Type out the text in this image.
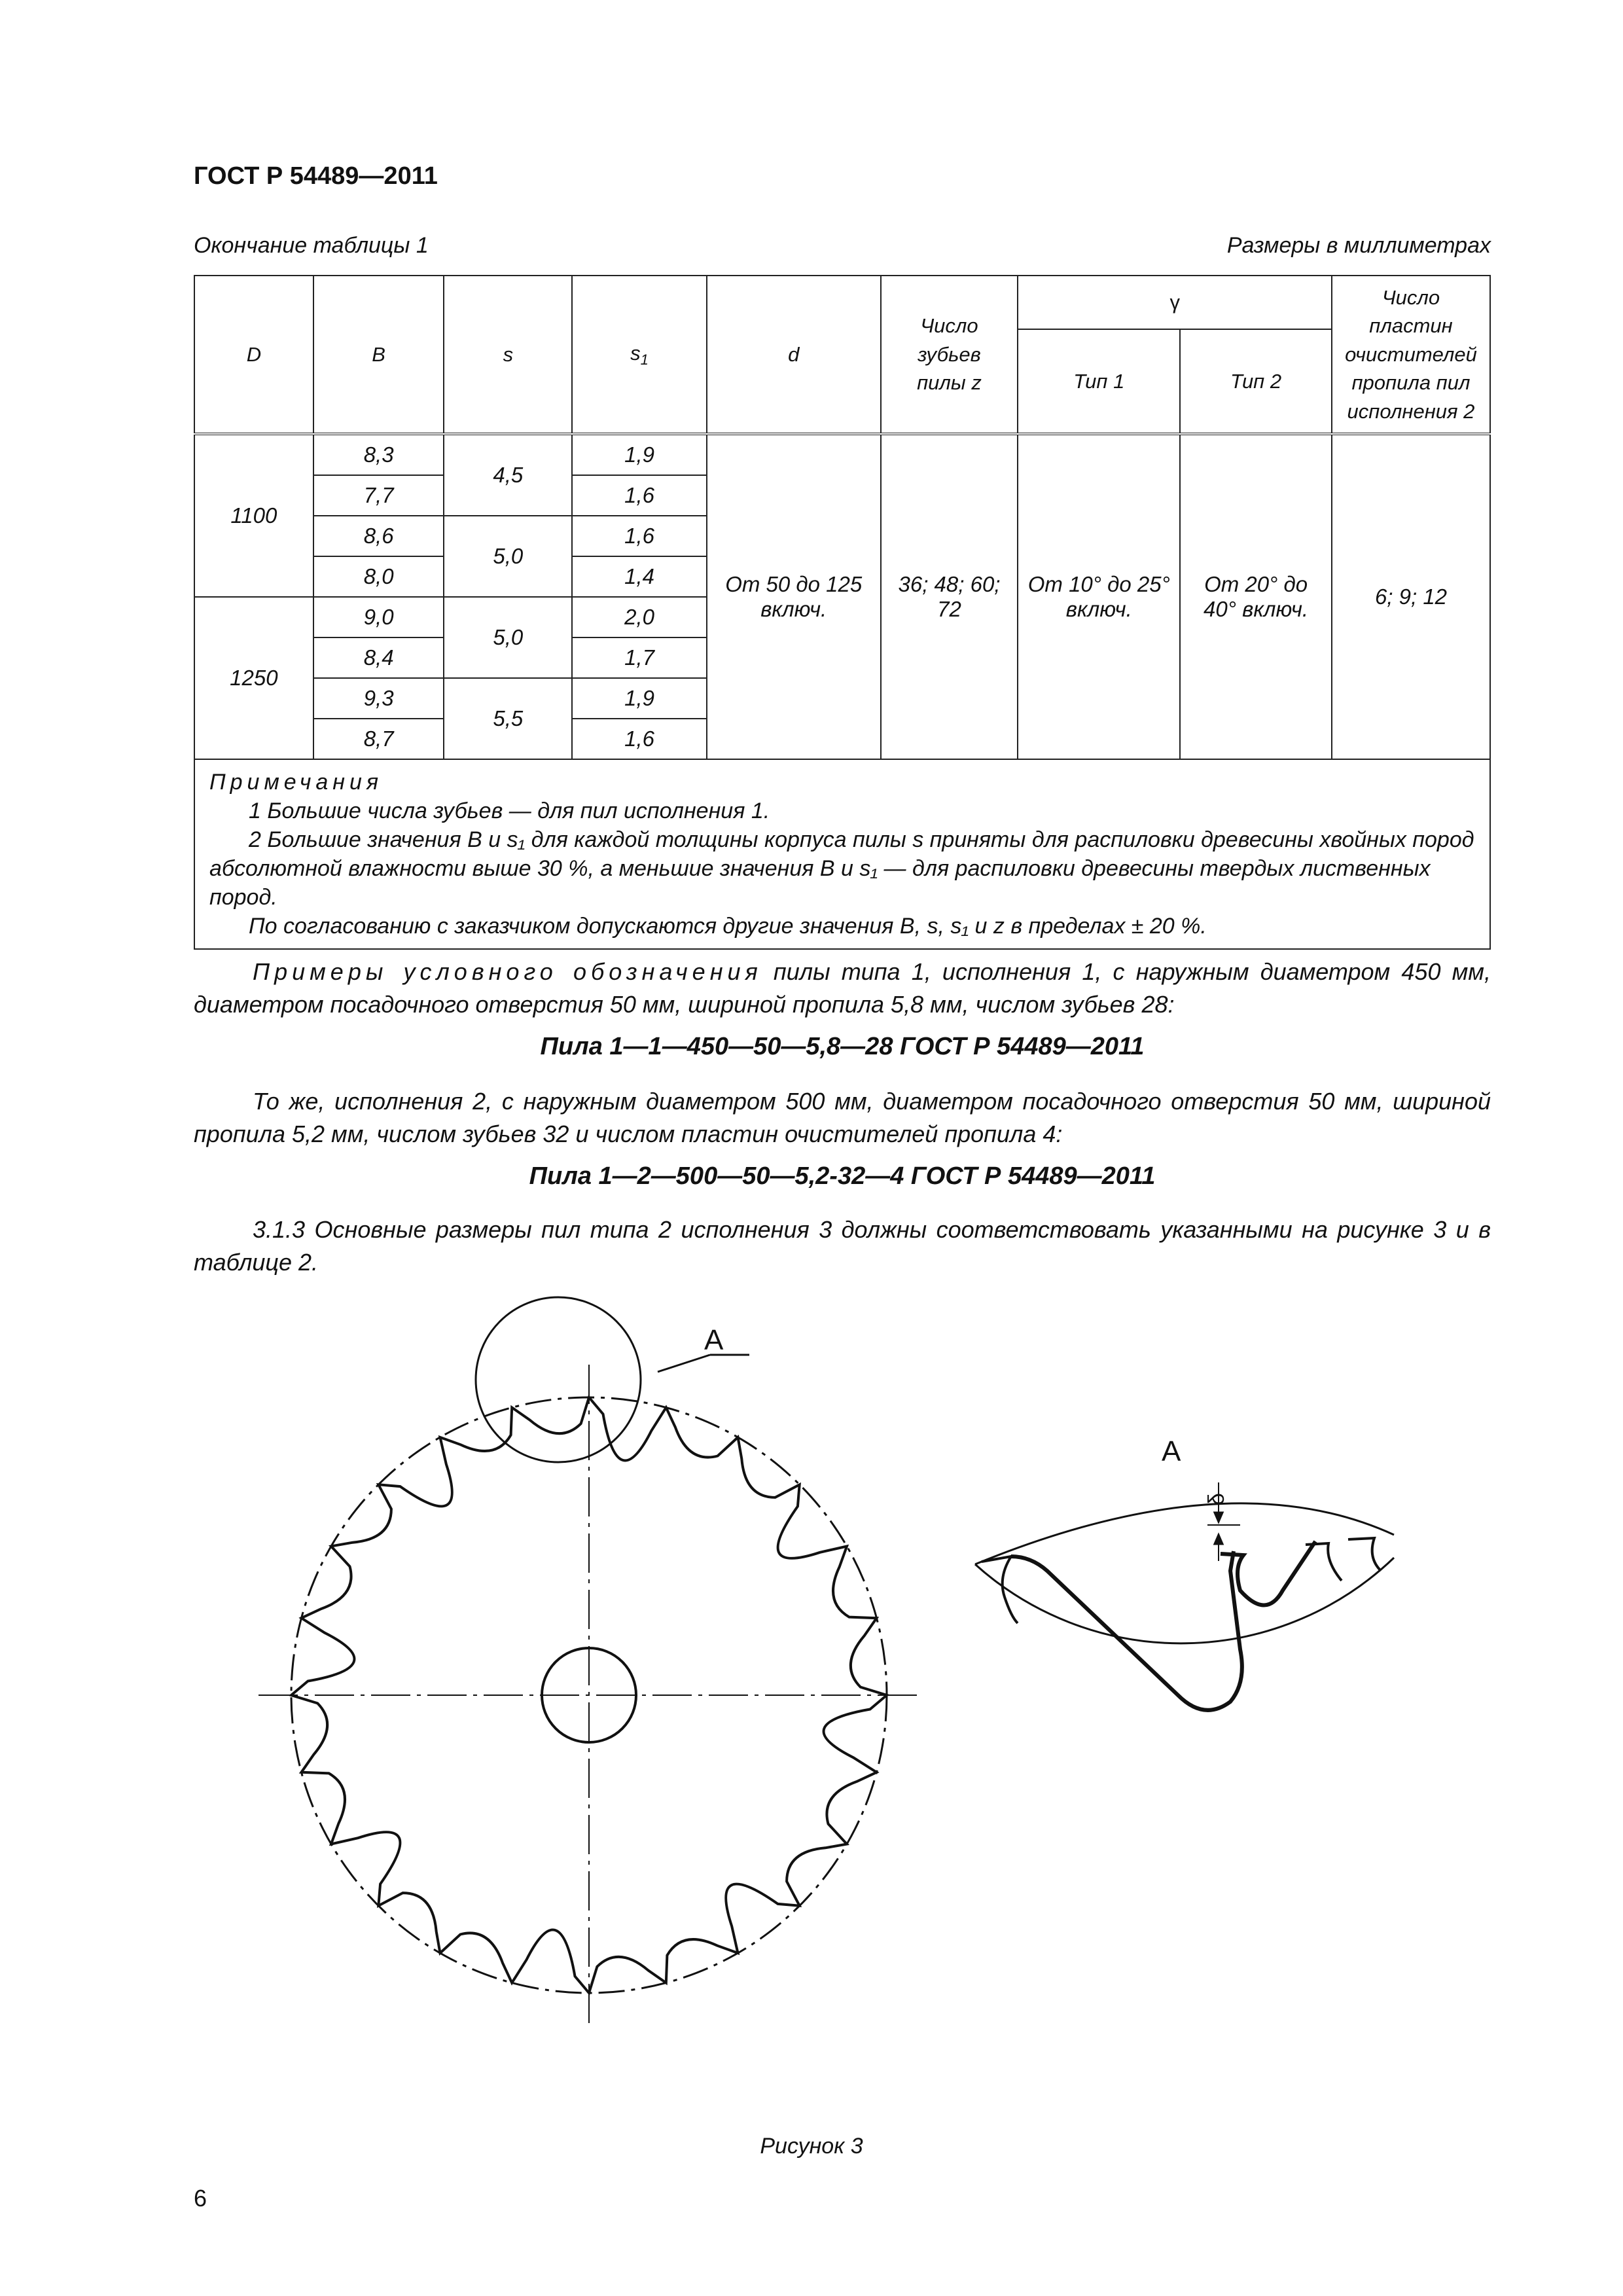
ГОСТ Р 54489—2011
Окончание таблицы 1	Размеры в миллиметрах
D	B	s	$s_1$	d	Число зубьев пилы z	γ		Число пластин очистителей пропила пил исполнения 2
						Тип 1	Тип 2	
1100	8,3	4,5	1,9	От 50 до 125 включ.	36; 48; 60; 72	От 10° до 25° включ.	От 20° до 40° включ.	6; 9; 12
	7,7		1,6					
	8,6	5,0	1,6					
	8,0		1,4					
1250	9,0	5,0	2,0					
	8,4		1,7					
	9,3	5,5	1,9					
	8,7		1,6					
Примечания

1 Большие числа зубьев — для пил исполнения 1.
2 Большие значения B и s₁ для каждой толщины корпуса пилы s приняты для распиловки древесины хвойных пород абсолютной влажности выше 30 %, а меньшие значения B и s₁ — для распиловки древесины твердых лиственных пород.

По согласованию с заказчиком допускаются другие значения B, s, s₁ и z в пределах ± 20 %.								
Примеры условного обозначения пилы типа 1, исполнения 1, с наружным диаметром 450 мм, диаметром посадочного отверстия 50 мм, шириной пропила 5,8 мм, числом зубьев 28:
Пила 1—1—450—50—5,8—28 ГОСТ Р 54489—2011
То же, исполнения 2, с наружным диаметром 500 мм, диаметром посадочного отверстия 50 мм, шириной пропила 5,2 мм, числом зубьев 32 и числом пластин очистителей пропила 4:
Пила 1—2—500—50—5,2-32—4 ГОСТ Р 54489—2011
3.1.3 Основные размеры пил типа 2 исполнения 3 должны соответствовать указанными на рисунке 3 и в таблице 2.
А
А
δ
Рисунок 3
6
